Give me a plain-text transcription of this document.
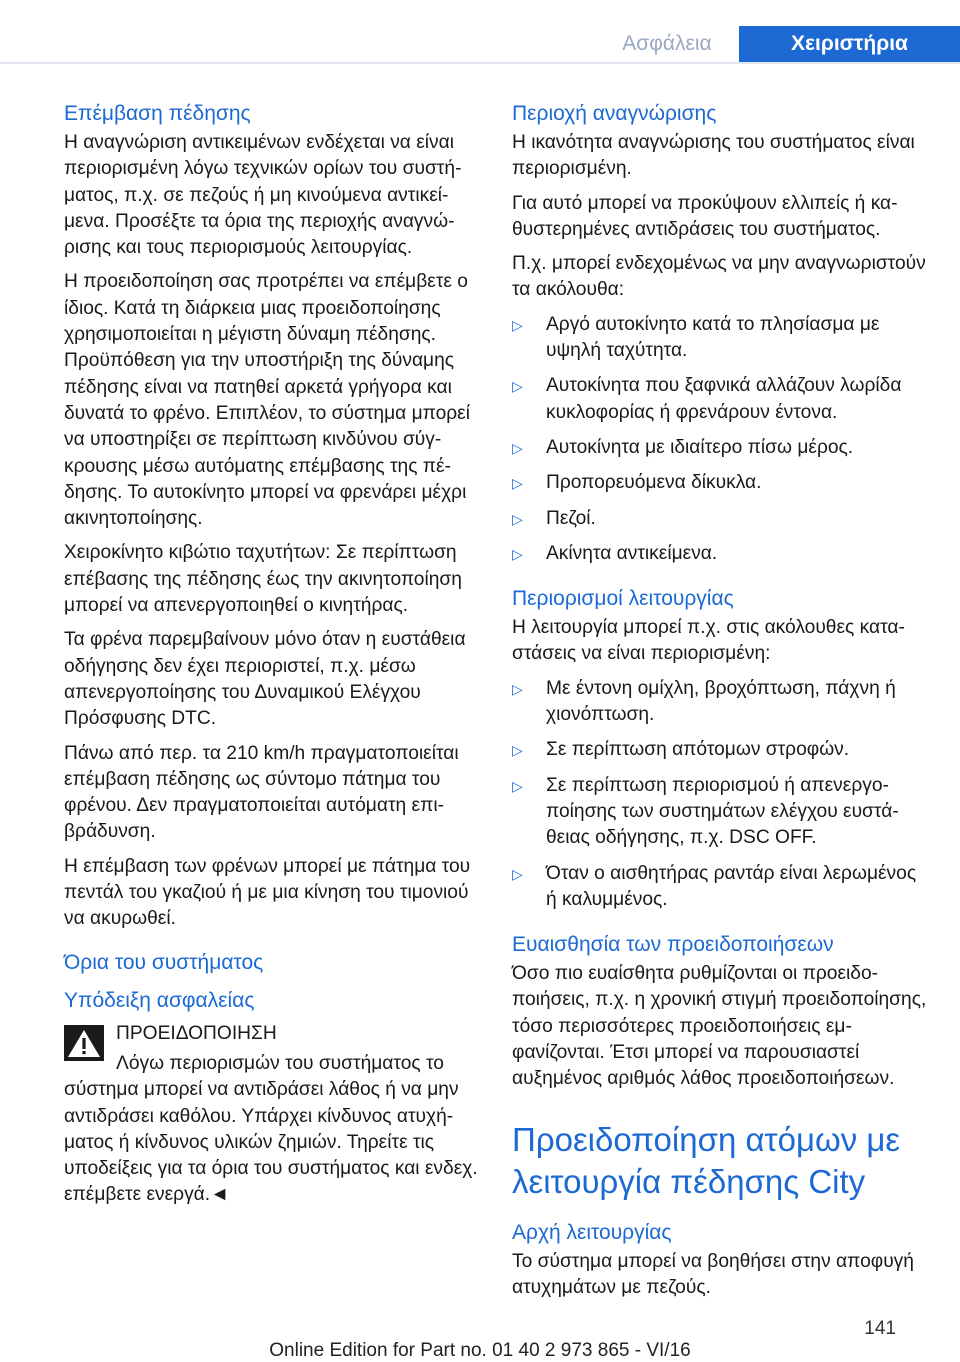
Ασφάλεια	Χειριστήρια
Επέμβαση πέδησης

Η αναγνώριση αντικειμένων ενδέχεται να είναι περιορισμένη λόγω τεχνικών ορίων του συστήματος, π.χ. σε πεζούς ή μη κινούμενα αντικείμενα. Προσέξτε τα όρια της περιοχής αναγνώρισης και τους περιορισμούς λειτουργίας.

Η προειδοποίηση σας προτρέπει να επέμβετε ο ίδιος. Κατά τη διάρκεια μιας προειδοποίησης χρησιμοποιείται η μέγιστη δύναμη πέδησης. Προϋπόθεση για την υποστήριξη της δύναμης πέδησης είναι να πατηθεί αρκετά γρήγορα και δυνατά το φρένο. Επιπλέον, το σύστημα μπορεί να υποστηρίξει σε περίπτωση κινδύνου σύγκρουσης μέσω αυτόματης επέμβασης της πέδησης. Το αυτοκίνητο μπορεί να φρενάρει μέχρι ακινητοποίησης.

Χειροκίνητο κιβώτιο ταχυτήτων: Σε περίπτωση επέβασης της πέδησης έως την ακινητοποίηση μπορεί να απενεργοποιηθεί ο κινητήρας.

Τα φρένα παρεμβαίνουν μόνο όταν η ευστάθεια οδήγησης δεν έχει περιοριστεί, π.χ. μέσω απενεργοποίησης του Δυναμικού Ελέγχου Πρόσφυσης DTC.

Πάνω από περ. τα 210 km/h πραγματοποιείται επέμβαση πέδησης ως σύντομο πάτημα του φρένου. Δεν πραγματοποιείται αυτόματη επιβράδυνση.

Η επέμβαση των φρένων μπορεί με πάτημα του πεντάλ του γκαζιού ή με μια κίνηση του τιμονιού να ακυρωθεί.

Όρια του συστήματος
Υπόδειξη ασφαλείας

ΠΡΟΕΙΔΟΠΟΙΗΣΗ

Λόγω περιορισμών του συστήματος το σύστημα μπορεί να αντιδράσει λάθος ή να μην αντιδράσει καθόλου. Υπάρχει κίνδυνος ατυχήματος ή κίνδυνος υλικών ζημιών. Τηρείτε τις υποδείξεις για τα όρια του συστήματος και ενδεχ. επέμβετε ενεργά.◄

Περιοχή αναγνώρισης

Η ικανότητα αναγνώρισης του συστήματος είναι περιορισμένη.

Για αυτό μπορεί να προκύψουν ελλιπείς ή καθυστερημένες αντιδράσεις του συστήματος.

Π.χ. μπορεί ενδεχομένως να μην αναγνωριστούν τα ακόλουθα:

▷ Αργό αυτοκίνητο κατά το πλησίασμα με υψηλή ταχύτητα.
▷ Αυτοκίνητα που ξαφνικά αλλάζουν λωρίδα κυκλοφορίας ή φρενάρουν έντονα.
▷ Αυτοκίνητα με ιδιαίτερο πίσω μέρος.
▷ Προπορευόμενα δίκυκλα.
▷ Πεζοί.
▷ Ακίνητα αντικείμενα.
Περιορισμοί λειτουργίας

Η λειτουργία μπορεί π.χ. στις ακόλουθες καταστάσεις να είναι περιορισμένη:

▷ Με έντονη ομίχλη, βροχόπτωση, πάχνη ή χιονόπτωση.
▷ Σε περίπτωση απότομων στροφών.
▷ Σε περίπτωση περιορισμού ή απενεργοποίησης των συστημάτων ελέγχου ευστάθειας οδήγησης, π.χ. DSC OFF.
▷ Όταν ο αισθητήρας ραντάρ είναι λερωμένος ή καλυμμένος.
Ευαισθησία των προειδοποιήσεων

Όσο πιο ευαίσθητα ρυθμίζονται οι προειδοποιήσεις, π.χ. η χρονική στιγμή προειδοποίησης, τόσο περισσότερες προειδοποιήσεις εμφανίζονται. Έτσι μπορεί να παρουσιαστεί αυξημένος αριθμός λάθος προειδοποιήσεων.

Προειδοποίηση ατόμων με λειτουργία πέδησης City
Αρχή λειτουργίας

Το σύστημα μπορεί να βοηθήσει στην αποφυγή ατυχημάτων με πεζούς.

141
Online Edition for Part no. 01 40 2 973 865 - VI/16
